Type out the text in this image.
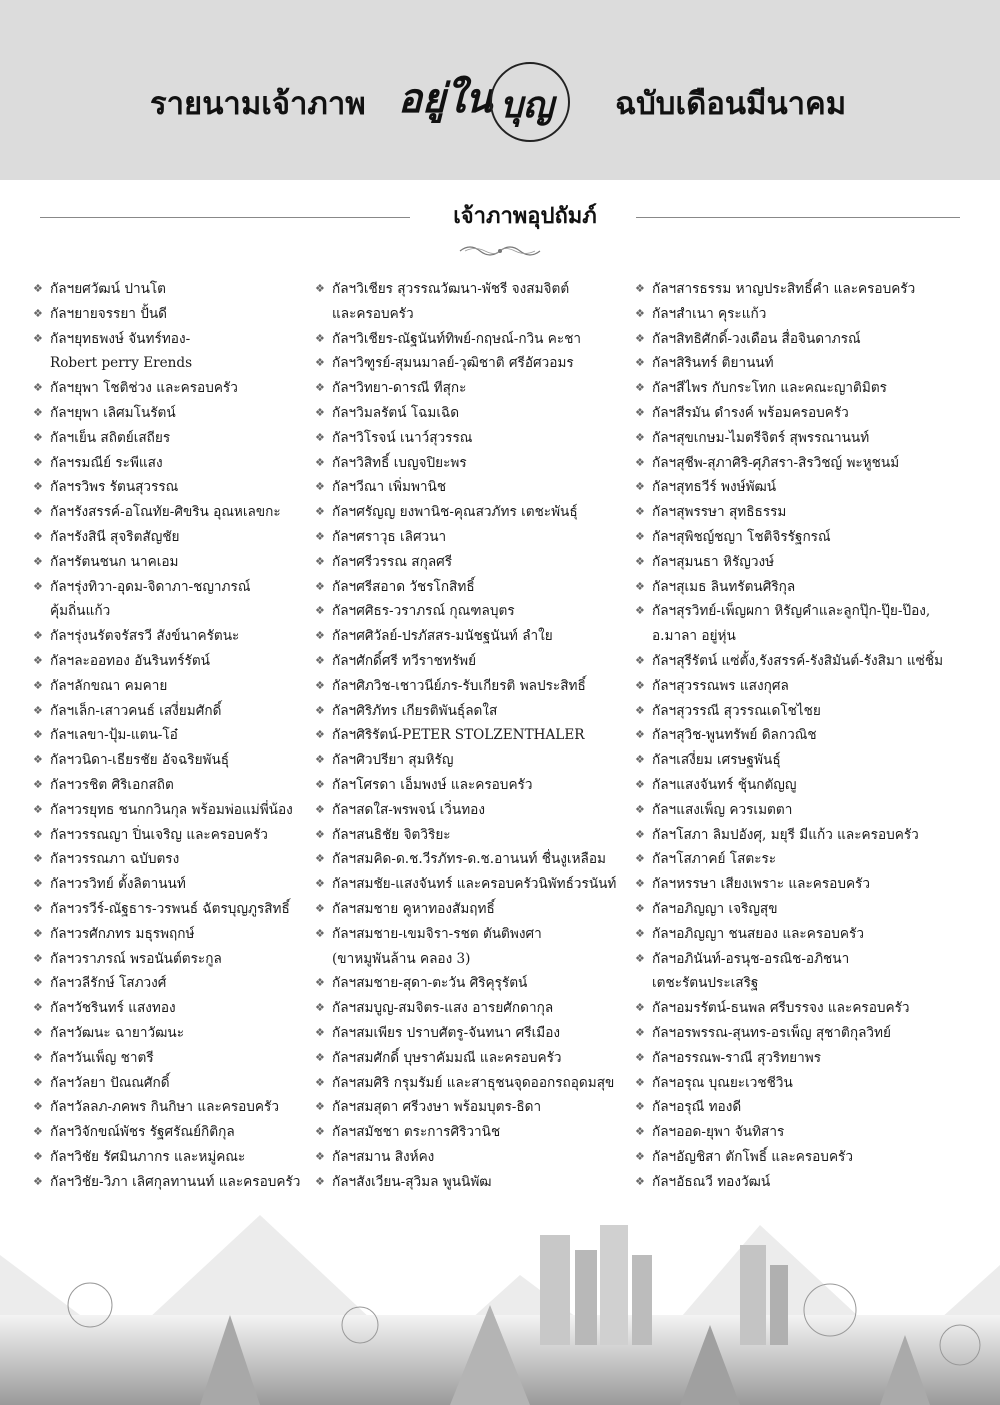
รายนามเจ้าภาพ อยู่ใน บุญ ฉบับเดือนมีนาคม
เจ้าภาพอุปถัมภ์
❖ กัลฯยศวัฒน์ ปานโต
❖ กัลฯยายจรรยา ปั้นดี
❖ กัลฯยุทธพงษ์ จันทร์ทอง-
Robert perry Erends
❖ กัลฯยุพา โชติช่วง และครอบครัว
❖ กัลฯยุพา เลิศมโนรัตน์
❖ กัลฯเย็น สถิตย์เสถียร
❖ กัลฯรมณีย์ ระพีแสง
❖ กัลฯรวิพร รัตนสุวรรณ
❖ กัลฯรังสรรค์-อโณทัย-ศิขริน อุณหเลขกะ
❖ กัลฯรังสินี สุจริตสัญชัย
❖ กัลฯรัตนชนก นาคเอม
❖ กัลฯรุ่งทิวา-อุดม-จิดาภา-ชญาภรณ์
คุ้มถิ่นแก้ว
❖ กัลฯรุ่งนรัตจรัสรวี สังข์นาครัตนะ
❖ กัลฯละออทอง อันรินทร์รัตน์
❖ กัลฯลักขณา คมคาย
❖ กัลฯเล็ก-เสาวคนธ์ เสงี่ยมศักดิ์
❖ กัลฯเลขา-ปุ้ม-แตน-โอ๋
❖ กัลฯวนิดา-เธียรชัย อัจฉริยพันธุ์
❖ กัลฯวรชิต ศิริเอกสถิต
❖ กัลฯวรยุทธ ชนกกวินกุล พร้อมพ่อแม่พี่น้อง
❖ กัลฯวรรณญา ปิ่นเจริญ และครอบครัว
❖ กัลฯวรรณภา ฉบับตรง
❖ กัลฯวรวิทย์ ตั้งลิตานนท์
❖ กัลฯวรวีร์-ณัฐธาร-วรพนธ์ ฉัตรบุญภูรสิทธิ์
❖ กัลฯวรศักภทร มธุรพฤกษ์
❖ กัลฯวราภรณ์ พรอนันต์ตระกูล
❖ กัลฯวลีรักษ์ โสภวงศ์
❖ กัลฯวัชรินทร์ แสงทอง
❖ กัลฯวัฒนะ ฉายาวัฒนะ
❖ กัลฯวันเพ็ญ ชาตรี
❖ กัลฯวัลยา ปัณณศักดิ์
❖ กัลฯวัลลภ-ภคพร กินกิษา และครอบครัว
❖ กัลฯวิจักขณ์พัชร รัฐศรัณย์กิติกุล
❖ กัลฯวิชัย รัศมินภากร และหมู่คณะ
❖ กัลฯวิชัย-วิภา เลิศกุลทานนท์ และครอบครัว
❖ กัลฯวิเชียร สุวรรณวัฒนา-พัชรี จงสมจิตต์
และครอบครัว
❖ กัลฯวิเชียร-ณัฐนันท์ทิพย์-กฤษณ์-กวิน คะชา
❖ กัลฯวิฑูรย์-สุมนมาลย์-วุฒิชาติ ศรีอัศวอมร
❖ กัลฯวิทยา-ดารณี ทีสุกะ
❖ กัลฯวิมลรัตน์ โฉมเฉิด
❖ กัลฯวิโรจน์ เนาว์สุวรรณ
❖ กัลฯวิสิทธิ์ เบญจปิยะพร
❖ กัลฯวีณา เพิ่มพานิช
❖ กัลฯศรัญญ ยงพานิช-คุณสวภัทร เตชะพันธุ์
❖ กัลฯศราวุธ เลิศวนา
❖ กัลฯศรีวรรณ สกุลศรี
❖ กัลฯศรีสอาด วัชรโกสิทธิ์
❖ กัลฯศศิธร-วราภรณ์ กุณฑลบุตร
❖ กัลฯศศิวัลย์-ปรภัสสร-มนัชฐนันท์ ลำใย
❖ กัลฯศักดิ์ศรี ทวีราชทรัพย์
❖ กัลฯศิภวิช-เชาวนีย์ภร-รับเกียรติ พลประสิทธิ์
❖ กัลฯศิริภัทร เกียรติพันธุ์ลดใส
❖ กัลฯศิริรัตน์-PETER STOLZENTHALER
❖ กัลฯศิวปรียา สุมหิรัญ
❖ กัลฯโศรดา เอ็มพงษ์ และครอบครัว
❖ กัลฯสดใส-พรพจน์ เวิ่นทอง
❖ กัลฯสนธิชัย จิตวิริยะ
❖ กัลฯสมคิด-ด.ช.วีรภัทร-ด.ช.อานนท์ ชื่นงูเหลือม
❖ กัลฯสมชัย-แสงจันทร์ และครอบครัวนิพัทธ์วรนันท์
❖ กัลฯสมชาย คูหาทองสัมฤทธิ์
❖ กัลฯสมชาย-เขมจิรา-รชต ตันติพงศา
(ขาหมูพันล้าน คลอง 3)
❖ กัลฯสมชาย-สุดา-ตะวัน ศิริคุรุรัตน์
❖ กัลฯสมบูญ-สมจิตร-แสง อารยศักดากุล
❖ กัลฯสมเพียร ปราบศัตรู-จันทนา ศรีเมือง
❖ กัลฯสมศักดิ์ บุษราคัมมณี และครอบครัว
❖ กัลฯสมศิริ กรุมรัมย์ และสาธุชนจุดออกรถอุดมสุข
❖ กัลฯสมสุดา ศรีวงษา พร้อมบุตร-ธิดา
❖ กัลฯสมัชชา ตระการศิริวานิช
❖ กัลฯสมาน สิงห์คง
❖ กัลฯสังเวียน-สุวิมล พูนนิพัฒ
❖ กัลฯสารธรรม หาญประสิทธิ์คำ และครอบครัว
❖ กัลฯสำเนา คุระแก้ว
❖ กัลฯสิทธิศักดิ์-วงเดือน สื่อจินดาภรณ์
❖ กัลฯสิรินทร์ ติยานนท์
❖ กัลฯสีไพร กับกระโทก และคณะญาติมิตร
❖ กัลฯสีรมัน ดำรงค์ พร้อมครอบครัว
❖ กัลฯสุขเกษม-ไมตรีจิตร์ สุพรรณานนท์
❖ กัลฯสุชีพ-สุภาศิริ-ศุภิสรา-สิรวิชญ์ พะหูชนม์
❖ กัลฯสุทธวีร์ พงษ์พัฒน์
❖ กัลฯสุพรรษา สุทธิธรรม
❖ กัลฯสุพิชญ์ชญา โชติจิรรัฐกรณ์
❖ กัลฯสุมนธา หิรัญวงษ์
❖ กัลฯสุเมธ ลินทรัตนศิริกุล
❖ กัลฯสุรวิทย์-เพ็ญผกา หิรัญคำและลูกปุ๊ก-ปุ๊ย-ป๊อง,
อ.มาลา อยู่หุ่น
❖ กัลฯสุรีรัตน์ แซ่ตั้ง,รังสรรค์-รังสิมันต์-รังสิมา แซ่ชิ้ม
❖ กัลฯสุวรรณพร แสงกุศล
❖ กัลฯสุวรรณี สุวรรณเดโชไชย
❖ กัลฯสุวิช-พูนทรัพย์ ดิลกวณิช
❖ กัลฯเสงี่ยม เศรษฐพันธุ์
❖ กัลฯแสงจันทร์ ชุ้นกตัญญู
❖ กัลฯแสงเพ็ญ ควรเมตตา
❖ กัลฯโสภา ลิมปอังศุ, มยุรี มีแก้ว และครอบครัว
❖ กัลฯโสภาคย์ โสตะระ
❖ กัลฯหรรษา เสียงเพราะ และครอบครัว
❖ กัลฯอภิญญา เจริญสุข
❖ กัลฯอภิญญา ชนสยอง และครอบครัว
❖ กัลฯอภินันท์-อรนุช-อรณิช-อภิชนา
เตชะรัตนประเสริฐ
❖ กัลฯอมรรัตน์-ธนพล ศรีบรรจง และครอบครัว
❖ กัลฯอรพรรณ-สุนทร-อรเพ็ญ สุชาติกุลวิทย์
❖ กัลฯอรรณพ-ราณี สุวริทยาพร
❖ กัลฯอรุณ บุณยะเวชชีวิน
❖ กัลฯอรุณี ทองดี
❖ กัลฯออด-ยุพา จันทิสาร
❖ กัลฯอัญชิสา ตักโพธิ์ และครอบครัว
❖ กัลฯอัธณวี ทองวัฒน์
